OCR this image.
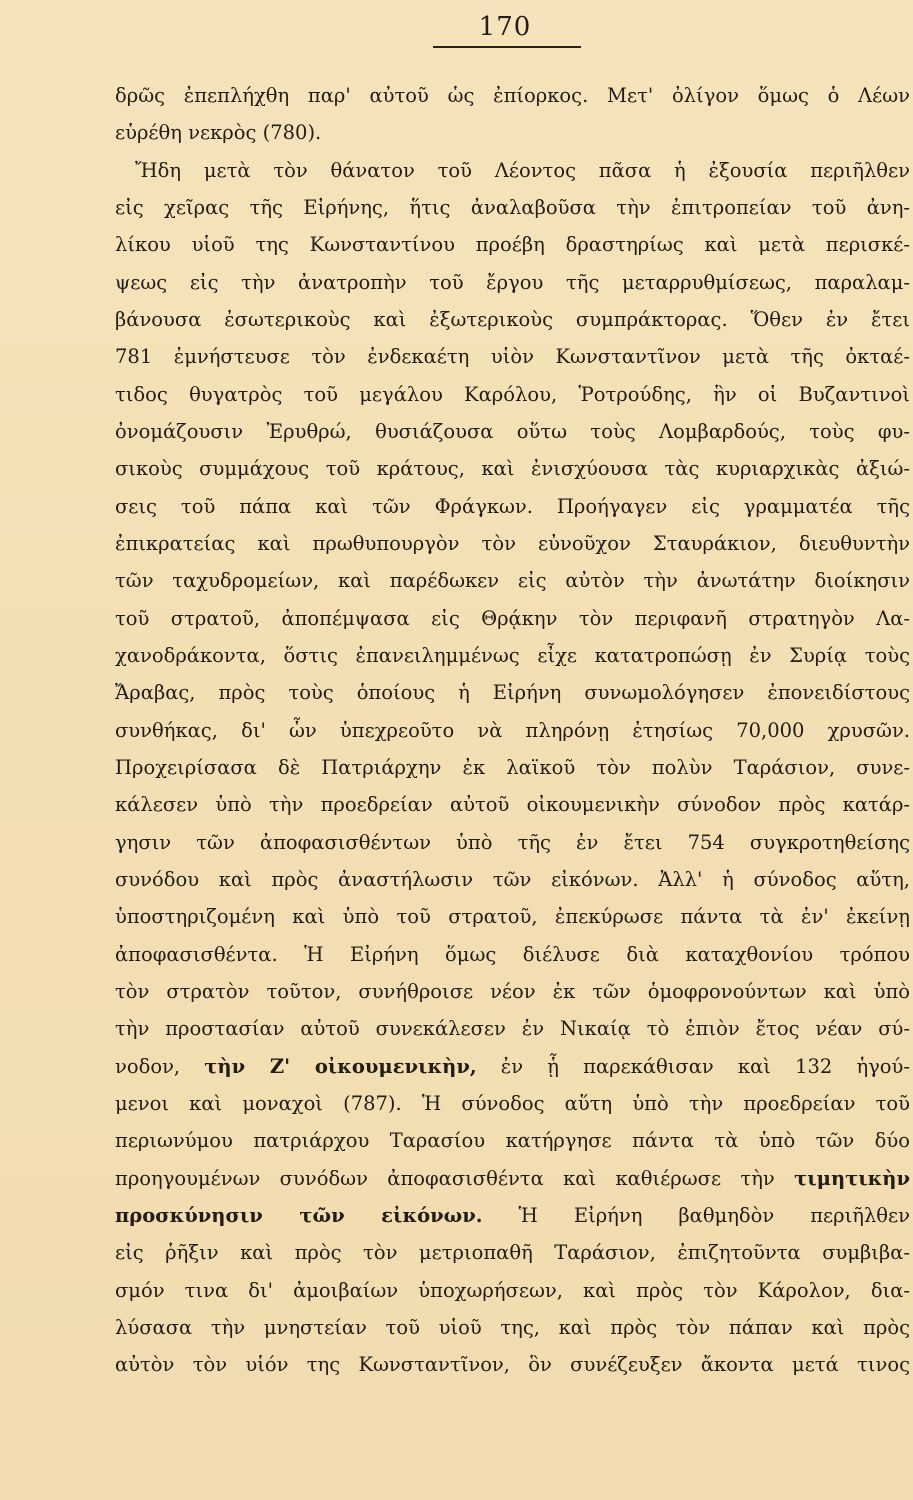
170
δρῶς ἐπεπλήχθη παρ' αὐτοῦ ὡς ἐπίορκος. Μετ' ὀλίγον ὅμως ὁ Λέων
εὑρέθη νεκρὸς (780).
Ἤδη μετὰ τὸν θάνατον τοῦ Λέοντος πᾶσα ἡ ἐξουσία περιῆλθεν
εἰς χεῖρας τῆς Εἰρήνης, ἥτις ἀναλαβοῦσα τὴν ἐπιτροπείαν τοῦ ἀνη-
λίκου υἱοῦ της Κωνσταντίνου προέβη δραστηρίως καὶ μετὰ περισκέ-
ψεως εἰς τὴν ἀνατροπὴν τοῦ ἔργου τῆς μεταρρυθμίσεως, παραλαμ-
βάνουσα ἐσωτερικοὺς καὶ ἐξωτερικοὺς συμπράκτορας. Ὅθεν ἐν ἔτει
781 ἐμνήστευσε τὸν ἐνδεκαέτη υἱὸν Κωνσταντῖνον μετὰ τῆς ὀκταέ-
τιδος θυγατρὸς τοῦ μεγάλου Καρόλου, Ῥοτρούδης, ἣν οἱ Βυζαντινοὶ
ὀνομάζουσιν Ἐρυθρώ, θυσιάζουσα οὕτω τοὺς Λομβαρδούς, τοὺς φυ-
σικοὺς συμμάχους τοῦ κράτους, καὶ ἐνισχύουσα τὰς κυριαρχικὰς ἀξιώ-
σεις τοῦ πάπα καὶ τῶν Φράγκων. Προήγαγεν εἰς γραμματέα τῆς
ἐπικρατείας καὶ πρωθυπουργὸν τὸν εὐνοῦχον Σταυράκιον, διευθυντὴν
τῶν ταχυδρομείων, καὶ παρέδωκεν εἰς αὐτὸν τὴν ἀνωτάτην διοίκησιν
τοῦ στρατοῦ, ἀποπέμψασα εἰς Θρᾴκην τὸν περιφανῆ στρατηγὸν Λα-
χανοδράκοντα, ὅστις ἐπανειλημμένως εἶχε κατατροπώσῃ ἐν Συρίᾳ τοὺς
Ἄραβας, πρὸς τοὺς ὁποίους ἡ Εἰρήνη συνωμολόγησεν ἐπονειδίστους
συνθήκας, δι' ὧν ὑπεχρεοῦτο νὰ πληρόνῃ ἐτησίως 70,000 χρυσῶν.
Προχειρίσασα δὲ Πατριάρχην ἐκ λαϊκοῦ τὸν πολὺν Ταράσιον, συνε-
κάλεσεν ὑπὸ τὴν προεδρείαν αὐτοῦ οἰκουμενικὴν σύνοδον πρὸς κατάρ-
γησιν τῶν ἀποφασισθέντων ὑπὸ τῆς ἐν ἔτει 754 συγκροτηθείσης
συνόδου καὶ πρὸς ἀναστήλωσιν τῶν εἰκόνων. Ἀλλ' ἡ σύνοδος αὕτη,
ὑποστηριζομένη καὶ ὑπὸ τοῦ στρατοῦ, ἐπεκύρωσε πάντα τὰ ἐν' ἐκείνῃ
ἀποφασισθέντα. Ἡ Εἰρήνη ὅμως διέλυσε διὰ καταχθονίου τρόπου
τὸν στρατὸν τοῦτον, συνήθροισε νέον ἐκ τῶν ὁμοφρονούντων καὶ ὑπὸ
τὴν προστασίαν αὐτοῦ συνεκάλεσεν ἐν Νικαίᾳ τὸ ἐπιὸν ἔτος νέαν σύ-
νοδον, τὴν Ζ' οἰκουμενικὴν, ἐν ᾗ παρεκάθισαν καὶ 132 ἡγού-
μενοι καὶ μοναχοὶ (787). Ἡ σύνοδος αὕτη ὑπὸ τὴν προεδρείαν τοῦ
περιωνύμου πατριάρχου Ταρασίου κατήργησε πάντα τὰ ὑπὸ τῶν δύο
προηγουμένων συνόδων ἀποφασισθέντα καὶ καθιέρωσε τὴν τιμητικὴν
προσκύνησιν τῶν εἰκόνων. Ἡ Εἰρήνη βαθμηδὸν περιῆλθεν
εἰς ῥῆξιν καὶ πρὸς τὸν μετριοπαθῆ Ταράσιον, ἐπιζητοῦντα συμβιβα-
σμόν τινα δι' ἀμοιβαίων ὑποχωρήσεων, καὶ πρὸς τὸν Κάρολον, δια-
λύσασα τὴν μνηστείαν τοῦ υἱοῦ της, καὶ πρὸς τὸν πάπαν καὶ πρὸς
αὐτὸν τὸν υἱόν της Κωνσταντῖνον, ὃν συνέζευξεν ἄκοντα μετά τινος
